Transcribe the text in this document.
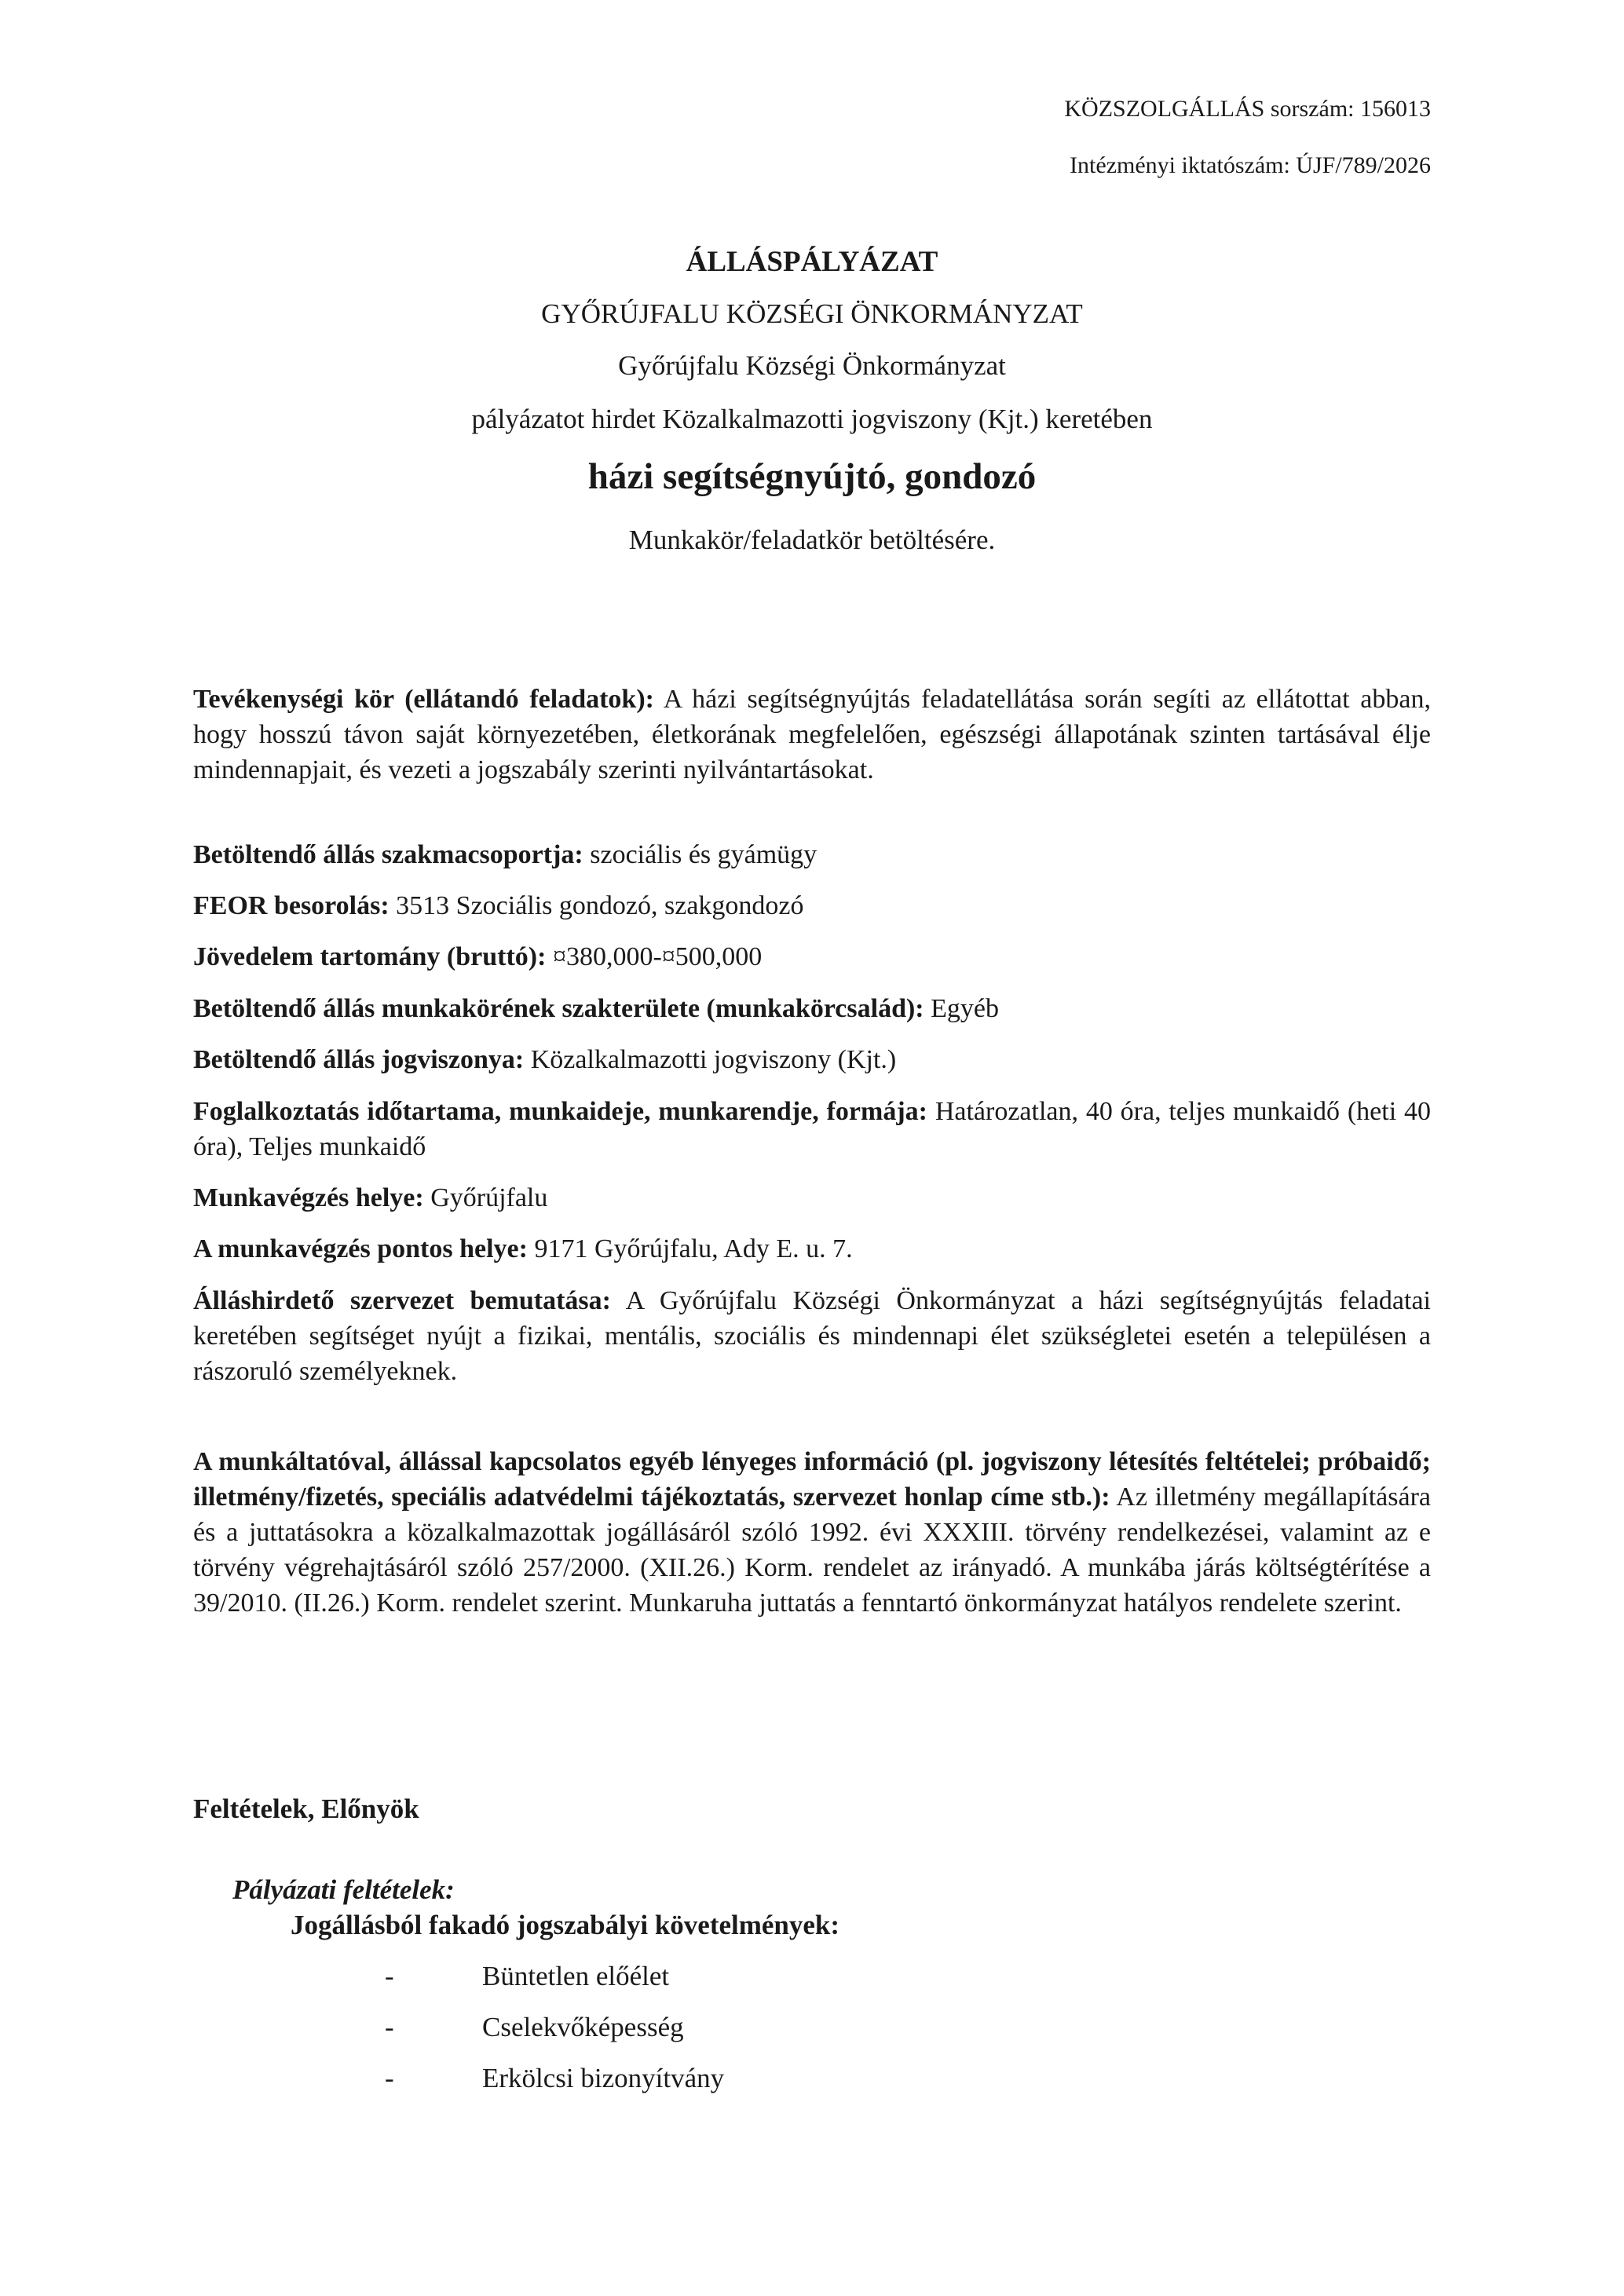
KÖZSZOLGÁLLÁS sorszám: 156013
Intézményi iktatószám: ÚJF/789/2026
ÁLLÁSPÁLYÁZAT
GYŐRÚJFALU KÖZSÉGI ÖNKORMÁNYZAT
Győrújfalu Községi Önkormányzat
pályázatot hirdet Közalkalmazotti jogviszony (Kjt.) keretében
házi segítségnyújtó, gondozó
Munkakör/feladatkör betöltésére.
Tevékenységi kör (ellátandó feladatok): A házi segítségnyújtás feladatellátása során segíti az ellátottat abban, hogy hosszú távon saját környezetében, életkorának megfelelően, egészségi állapotának szinten tartásával élje mindennapjait, és vezeti a jogszabály szerinti nyilvántartásokat.
Betöltendő állás szakmacsoportja: szociális és gyámügy
FEOR besorolás: 3513 Szociális gondozó, szakgondozó
Jövedelem tartomány (bruttó): ¤380,000-¤500,000
Betöltendő állás munkakörének szakterülete (munkakörcsalád): Egyéb
Betöltendő állás jogviszonya: Közalkalmazotti jogviszony (Kjt.)
Foglalkoztatás időtartama, munkaideje, munkarendje, formája: Határozatlan, 40 óra, teljes munkaidő (heti 40 óra), Teljes munkaidő
Munkavégzés helye: Győrújfalu
A munkavégzés pontos helye: 9171 Győrújfalu, Ady E. u. 7.
Álláshirdető szervezet bemutatása: A Győrújfalu Községi Önkormányzat a házi segítségnyújtás feladatai keretében segítséget nyújt a fizikai, mentális, szociális és mindennapi élet szükségletei esetén a településen a rászoruló személyeknek.
A munkáltatóval, állással kapcsolatos egyéb lényeges információ (pl. jogviszony létesítés feltételei; próbaidő; illetmény/fizetés, speciális adatvédelmi tájékoztatás, szervezet honlap címe stb.): Az illetmény megállapítására és a juttatásokra a közalkalmazottak jogállásáról szóló 1992. évi XXXIII. törvény rendelkezései, valamint az e törvény végrehajtásáról szóló 257/2000. (XII.26.) Korm. rendelet az irányadó. A munkába járás költségtérítése a 39/2010. (II.26.) Korm. rendelet szerint. Munkaruha juttatás a fenntartó önkormányzat hatályos rendelete szerint.
Feltételek, Előnyök
Pályázati feltételek:
Jogállásból fakadó jogszabályi követelmények:
-	Büntetlen előélet
-	Cselekvőképesség
-	Erkölcsi bizonyítvány
